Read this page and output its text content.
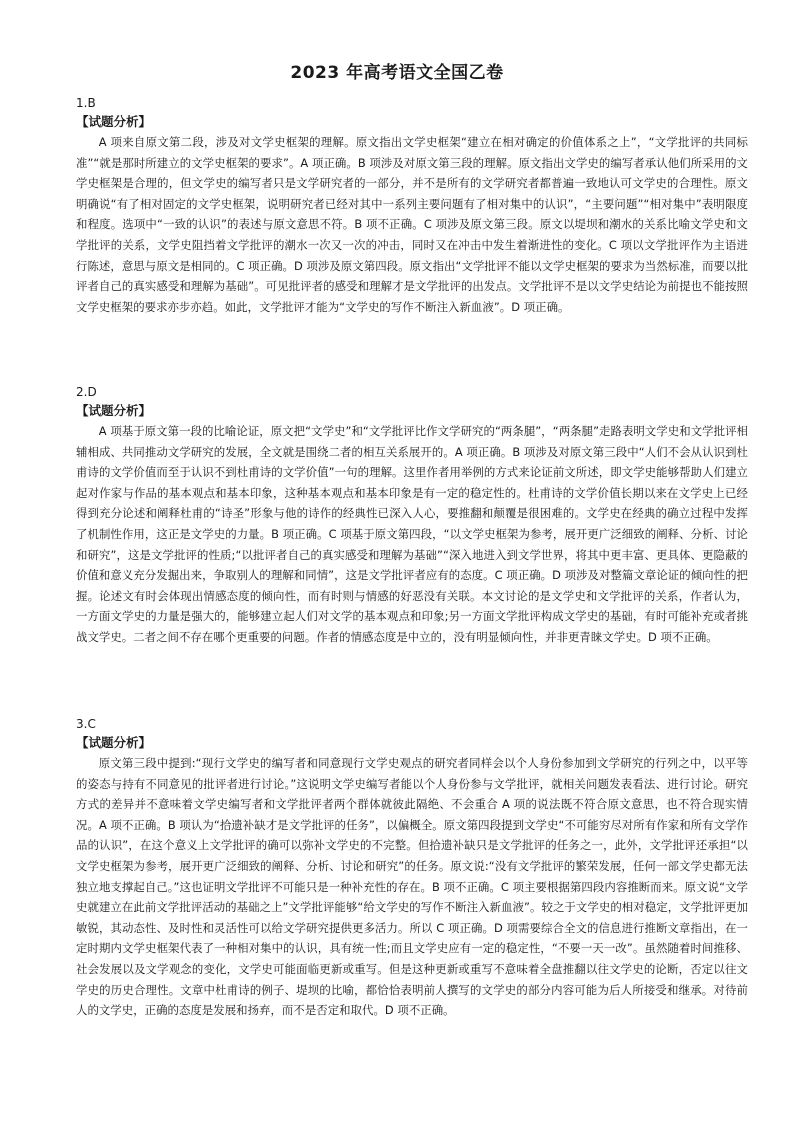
2023 年高考语文全国乙卷
1.B
【试题分析】
A 项来自原文第二段，涉及对文学史框架的理解。原文指出文学史框架“建立在相对确定的价值体系之上”，“文学批评的共同标准”“就是那时所建立的文学史框架的要求”。A 项正确。B 项涉及对原文第三段的理解。原文指出文学史的编写者承认他们所采用的文学史框架是合理的，但文学史的编写者只是文学研究者的一部分，并不是所有的文学研究者都普遍一致地认可文学史的合理性。原文明确说“有了相对固定的文学史框架，说明研究者已经对其中一系列主要问题有了相对集中的认识”，“主要问题”“相对集中”表明限度和程度。选项中“一致的认识”的表述与原文意思不符。B 项不正确。C 项涉及原文第三段。原文以堤坝和潮水的关系比喻文学史和文学批评的关系，文学史阻挡着文学批评的潮水一次又一次的冲击，同时又在冲击中发生着渐进性的变化。C 项以文学批评作为主语进行陈述，意思与原文是相同的。C 项正确。D 项涉及原文第四段。原文指出“文学批评不能以文学史框架的要求为当然标准，而要以批评者自己的真实感受和理解为基础”。可见批评者的感受和理解才是文学批评的出发点。文学批评不是以文学史结论为前提也不能按照文学史框架的要求亦步亦趋。如此，文学批评才能为“文学史的写作不断注入新血液”。D 项正确。
2.D
【试题分析】
A 项基于原文第一段的比喻论证，原文把“文学史”和“文学批评比作文学研究的“两条腿”，“两条腿”走路表明文学史和文学批评相辅相成、共同推动文学研究的发展，全文就是围绕二者的相互关系展开的。A 项正确。B 项涉及对原文第三段中“人们不会从认识到杜甫诗的文学价值而至于认识不到杜甫诗的文学价值”一句的理解。这里作者用举例的方式来论证前文所述，即文学史能够帮助人们建立起对作家与作品的基本观点和基本印象，这种基本观点和基本印象是有一定的稳定性的。杜甫诗的文学价值长期以来在文学史上已经得到充分论述和阐释杜甫的“诗圣”形象与他的诗作的经典性已深入人心，要推翻和颠覆是很困难的。文学史在经典的确立过程中发挥了机制性作用，这正是文学史的力量。B 项正确。C 项基于原文第四段，“以文学史框架为参考，展开更广泛细致的阐释、分析、讨论和研究”，这是文学批评的性质;“以批评者自己的真实感受和理解为基础”“深入地进入到文学世界，将其中更丰富、更具体、更隐蔽的价值和意义充分发掘出来，争取别人的理解和同情”，这是文学批评者应有的态度。C 项正确。D 项涉及对整篇文章论证的倾向性的把握。论述文有时会体现出情感态度的倾向性，而有时则与情感的好恶没有关联。本文讨论的是文学史和文学批评的关系，作者认为，一方面文学史的力量是强大的，能够建立起人们对文学的基本观点和印象;另一方面文学批评构成文学史的基础，有时可能补充或者挑战文学史。二者之间不存在哪个更重要的问题。作者的情感态度是中立的，没有明显倾向性，并非更青睐文学史。D 项不正确。
3.C
【试题分析】
原文第三段中提到:“现行文学史的编写者和同意现行文学史观点的研究者同样会以个人身份参加到文学研究的行列之中，以平等的姿态与持有不同意见的批评者进行讨论。”这说明文学史编写者能以个人身份参与文学批评，就相关问题发表看法、进行讨论。研究方式的差异并不意味着文学史编写者和文学批评者两个群体就彼此隔绝、不会重合 A 项的说法既不符合原文意思，也不符合现实情况。A 项不正确。B 项认为“拾遗补缺才是文学批评的任务”，以偏概全。原文第四段提到文学史“不可能穷尽对所有作家和所有文学作品的认识”，在这个意义上文学批评的确可以弥补文学史的不完整。但拾遗补缺只是文学批评的任务之一，此外，文学批评还承担“以文学史框架为参考，展开更广泛细致的阐释、分析、讨论和研究”的任务。原文说:“没有文学批评的繁荣发展，任何一部文学史都无法独立地支撑起自己。”这也证明文学批评不可能只是一种补充性的存在。B 项不正确。C 项主要根据第四段内容推断而来。原文说“文学史就建立在此前文学批评活动的基础之上”文学批评能够“给文学史的写作不断注入新血液”。较之于文学史的相对稳定，文学批评更加敏锐，其动态性、及时性和灵活性可以给文学研究提供更多活力。所以 C 项正确。D 项需要综合全文的信息进行推断文章指出，在一定时期内文学史框架代表了一种相对集中的认识，具有统一性;而且文学史应有一定的稳定性，“不要一天一改”。虽然随着时间推移、社会发展以及文学观念的变化，文学史可能面临更新或重写。但是这种更新或重写不意味着全盘推翻以往文学史的论断，否定以往文学史的历史合理性。文章中杜甫诗的例子、堤坝的比喻，都恰恰表明前人撰写的文学史的部分内容可能为后人所接受和继承。对待前人的文学史，正确的态度是发展和扬弃，而不是否定和取代。D 项不正确。
